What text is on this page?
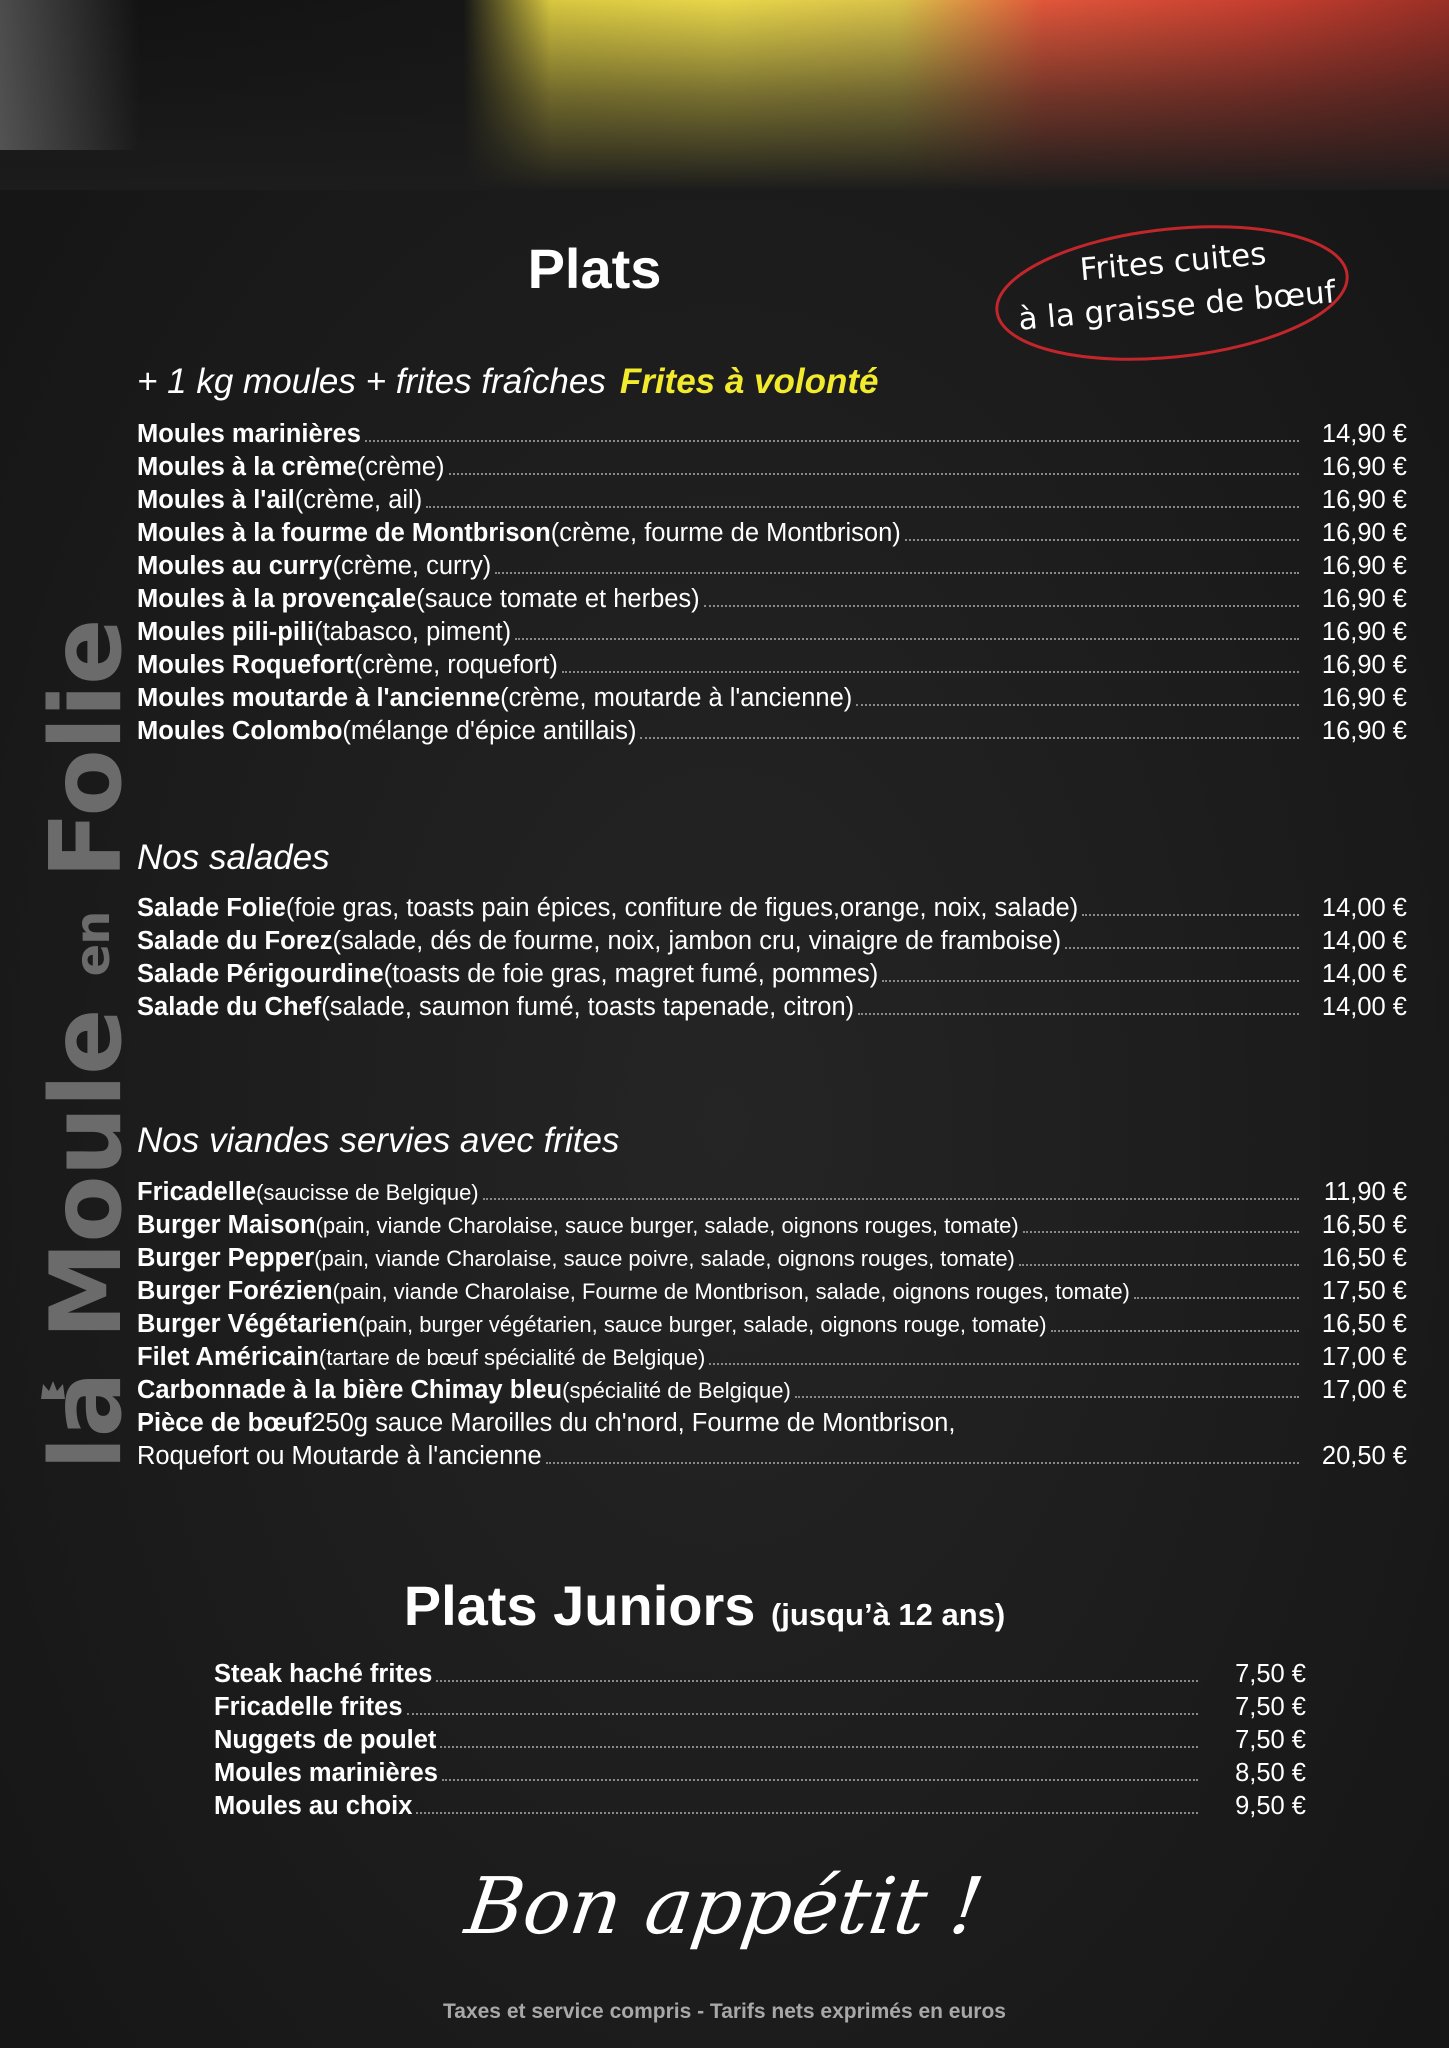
la Moule en Folie
Plats	Frites cuites
à la graisse de bœuf
+ 1 kg moules + frites fraîches Frites à volonté
Moules marinières	14,90 €
Moules à la crème (crème)	16,90 €
Moules à l'ail (crème, ail)	16,90 €
Moules à la fourme de Montbrison (crème, fourme de Montbrison)	16,90 €
Moules au curry (crème, curry)	16,90 €
Moules à la provençale (sauce tomate et herbes)	16,90 €
Moules pili-pili (tabasco, piment)	16,90 €
Moules Roquefort (crème, roquefort)	16,90 €
Moules moutarde à l'ancienne (crème, moutarde à l'ancienne)	16,90 €
Moules Colombo (mélange d'épice antillais)	16,90 €
Nos salades
Salade Folie (foie gras, toasts pain épices, confiture de figues,orange, noix, salade)	14,00 €
Salade du Forez (salade, dés de fourme, noix, jambon cru, vinaigre de framboise)	14,00 €
Salade Périgourdine (toasts de foie gras, magret fumé, pommes)	14,00 €
Salade du Chef (salade, saumon fumé, toasts tapenade, citron)	14,00 €
Nos viandes servies avec frites
Fricadelle (saucisse de Belgique)	11,90 €
Burger Maison (pain, viande Charolaise, sauce burger, salade, oignons rouges, tomate)	16,50 €
Burger Pepper (pain, viande Charolaise, sauce poivre, salade, oignons rouges, tomate)	16,50 €
Burger Forézien (pain, viande Charolaise, Fourme de Montbrison, salade, oignons rouges, tomate)	17,50 €
Burger Végétarien (pain, burger végétarien, sauce burger, salade, oignons rouge, tomate)	16,50 €
Filet Américain (tartare de bœuf spécialité de Belgique)	17,00 €
Carbonnade à la bière Chimay bleu (spécialité de Belgique)	17,00 €
Pièce de bœuf 250g sauce Maroilles du ch'nord, Fourme de Montbrison,
Roquefort ou Moutarde à l'ancienne	20,50 €
Plats Juniors (jusqu’à 12 ans)
Steak haché frites	7,50 €
Fricadelle frites	7,50 €
Nuggets de poulet	7,50 €
Moules marinières	8,50 €
Moules au choix	9,50 €
Bon appétit !
Taxes et service compris - Tarifs nets exprimés en euros
